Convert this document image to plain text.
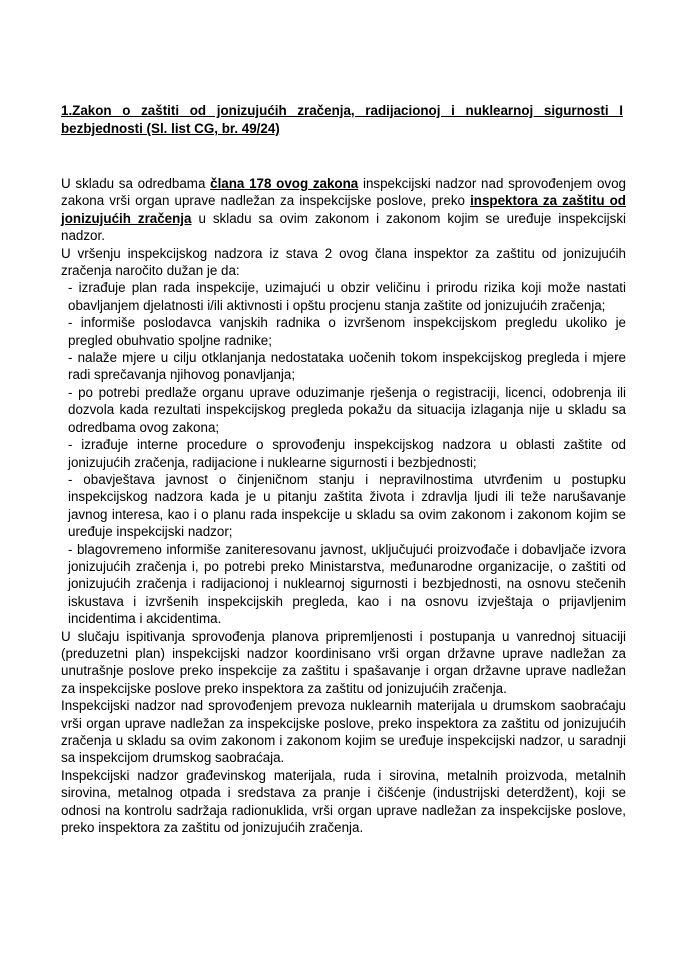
1.Zakon o zaštiti od jonizujućih zračenja, radijacionoj i nuklearnoj sigurnosti I bezbjednosti (Sl. list CG, br. 49/24)

U skladu sa odredbama člana 178 ovog zakona inspekcijski nadzor nad sprovođenjem ovog zakona vrši organ uprave nadležan za inspekcijske poslove, preko inspektora za zaštitu od jonizujućih zračenja u skladu sa ovim zakonom i zakonom kojim se uređuje inspekcijski nadzor.

U vršenju inspekcijskog nadzora iz stava 2 ovog člana inspektor za zaštitu od jonizujućih zračenja naročito dužan je da:

- izrađuje plan rada inspekcije, uzimajući u obzir veličinu i prirodu rizika koji može nastati obavljanjem djelatnosti i/ili aktivnosti i opštu procjenu stanja zaštite od jonizujućih zračenja;

- informiše poslodavca vanjskih radnika o izvršenom inspekcijskom pregledu ukoliko je pregled obuhvatio spoljne radnike;

- nalaže mjere u cilju otklanjanja nedostataka uočenih tokom inspekcijskog pregleda i mjere radi sprečavanja njihovog ponavljanja;

- po potrebi predlaže organu uprave oduzimanje rješenja o registraciji, licenci, odobrenja ili dozvola kada rezultati inspekcijskog pregleda pokažu da situacija izlaganja nije u skladu sa odredbama ovog zakona;

- izrađuje interne procedure o sprovođenju inspekcijskog nadzora u oblasti zaštite od jonizujućih zračenja, radijacione i nuklearne sigurnosti i bezbjednosti;

- obavještava javnost o činjeničnom stanju i nepravilnostima utvrđenim u postupku inspekcijskog nadzora kada je u pitanju zaštita života i zdravlja ljudi ili teže narušavanje javnog interesa, kao i o planu rada inspekcije u skladu sa ovim zakonom i zakonom kojim se uređuje inspekcijski nadzor;

- blagovremeno informiše zaniteresovanu javnost, uključujući proizvođače i dobavljače izvora jonizujućih zračenja i, po potrebi preko Ministarstva, međunarodne organizacije, o zaštiti od jonizujućih zračenja i radijacionoj i nuklearnoj sigurnosti i bezbjednosti, na osnovu stečenih iskustava i izvršenih inspekcijskih pregleda, kao i na osnovu izvještaja o prijavljenim incidentima i akcidentima.

U slučaju ispitivanja sprovođenja planova pripremljenosti i postupanja u vanrednoj situaciji (preduzetni plan) inspekcijski nadzor koordinisano vrši organ državne uprave nadležan za unutrašnje poslove preko inspekcije za zaštitu i spašavanje i organ državne uprave nadležan za inspekcijske poslove preko inspektora za zaštitu od jonizujućih zračenja.

Inspekcijski nadzor nad sprovođenjem prevoza nuklearnih materijala u drumskom saobraćaju vrši organ uprave nadležan za inspekcijske poslove, preko inspektora za zaštitu od jonizujućih zračenja u skladu sa ovim zakonom i zakonom kojim se uređuje inspekcijski nadzor, u saradnji sa inspekcijom drumskog saobraćaja.

Inspekcijski nadzor građevinskog materijala, ruda i sirovina, metalnih proizvoda, metalnih sirovina, metalnog otpada i sredstava za pranje i čišćenje (industrijski deterdžent), koji se odnosi na kontrolu sadržaja radionuklida, vrši organ uprave nadležan za inspekcijske poslove, preko inspektora za zaštitu od jonizujućih zračenja.
